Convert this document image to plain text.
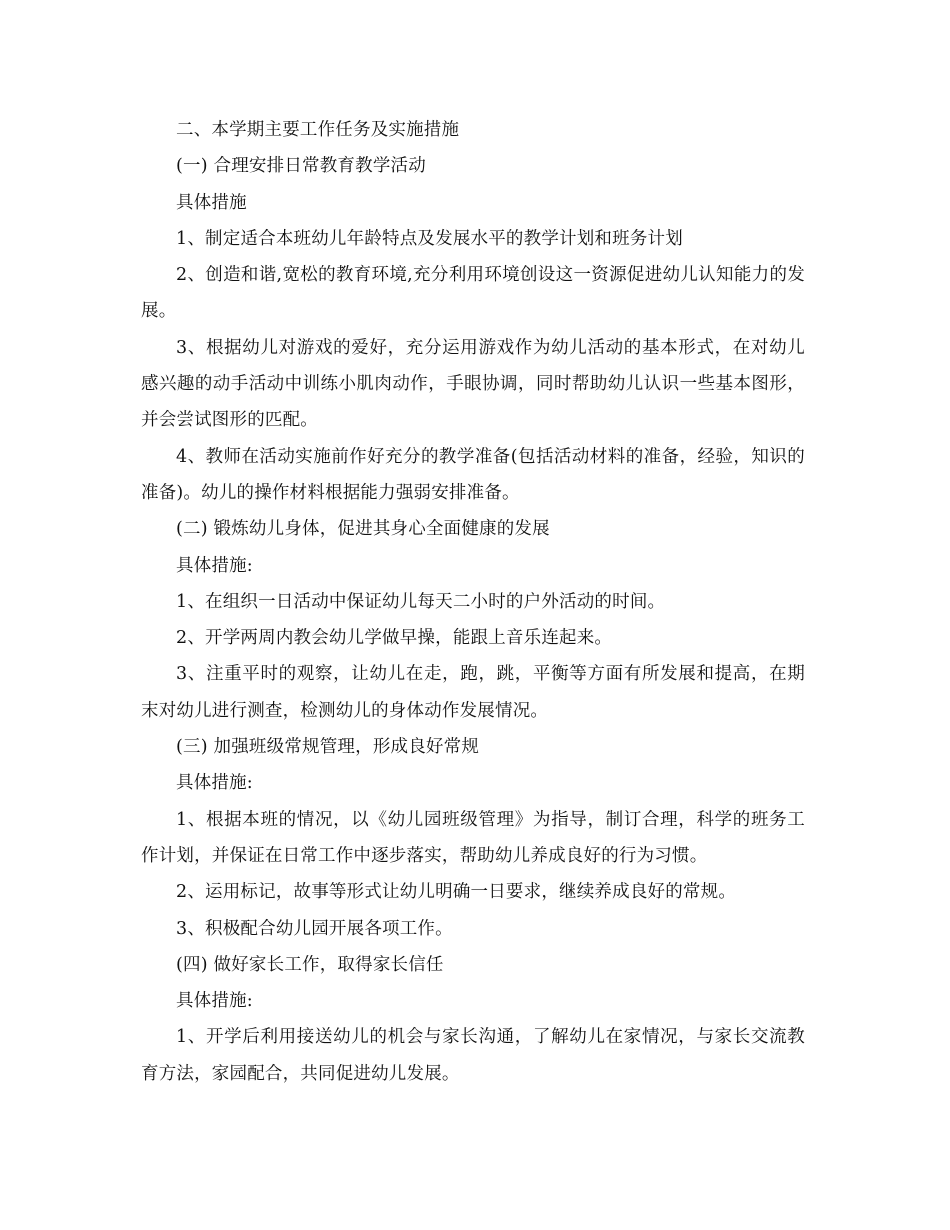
二、本学期主要工作任务及实施措施

(一) 合理安排日常教育教学活动

具体措施

1、制定适合本班幼儿年龄特点及发展水平的教学计划和班务计划

2、创造和谐,宽松的教育环境,充分利用环境创设这一资源促进幼儿认知能力的发展。

3、根据幼儿对游戏的爱好，充分运用游戏作为幼儿活动的基本形式，在对幼儿感兴趣的动手活动中训练小肌肉动作，手眼协调，同时帮助幼儿认识一些基本图形，并会尝试图形的匹配。

4、教师在活动实施前作好充分的教学准备(包括活动材料的准备，经验，知识的准备)。幼儿的操作材料根据能力强弱安排准备。

(二) 锻炼幼儿身体，促进其身心全面健康的发展

具体措施:

1、在组织一日活动中保证幼儿每天二小时的户外活动的时间。

2、开学两周内教会幼儿学做早操，能跟上音乐连起来。

3、注重平时的观察，让幼儿在走，跑，跳，平衡等方面有所发展和提高，在期末对幼儿进行测查，检测幼儿的身体动作发展情况。

(三) 加强班级常规管理，形成良好常规

具体措施:

1、根据本班的情况，以《幼儿园班级管理》为指导，制订合理，科学的班务工作计划，并保证在日常工作中逐步落实，帮助幼儿养成良好的行为习惯。

2、运用标记，故事等形式让幼儿明确一日要求，继续养成良好的常规。

3、积极配合幼儿园开展各项工作。

(四) 做好家长工作，取得家长信任

具体措施:

1、开学后利用接送幼儿的机会与家长沟通，了解幼儿在家情况，与家长交流教育方法，家园配合，共同促进幼儿发展。
